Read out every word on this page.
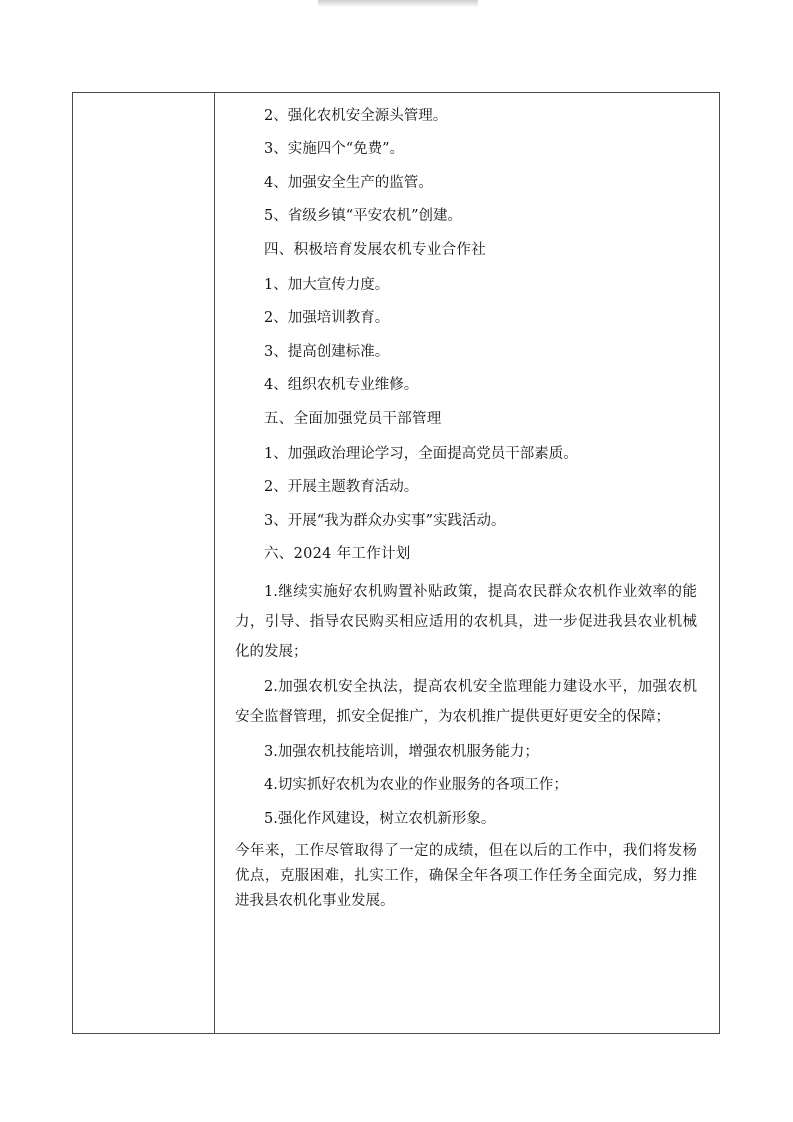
2、强化农机安全源头管理。

3、实施四个“免费”。

4、加强安全生产的监管。

5、省级乡镇“平安农机”创建。

四、积极培育发展农机专业合作社

1、加大宣传力度。

2、加强培训教育。

3、提高创建标准。

4、组织农机专业维修。

五、全面加强党员干部管理

1、加强政治理论学习，全面提高党员干部素质。

2、开展主题教育活动。

3、开展“我为群众办实事”实践活动。

六、2024 年工作计划

1.继续实施好农机购置补贴政策，提高农民群众农机作业效率的能力，引导、指导农民购买相应适用的农机具，进一步促进我县农业机械化的发展；

2.加强农机安全执法，提高农机安全监理能力建设水平，加强农机安全监督管理，抓安全促推广，为农机推广提供更好更安全的保障；

3.加强农机技能培训，增强农机服务能力；

4.切实抓好农机为农业的作业服务的各项工作；

5.强化作风建设，树立农机新形象。

今年来，工作尽管取得了一定的成绩，但在以后的工作中，我们将发杨优点，克服困难，扎实工作，确保全年各项工作任务全面完成，努力推进我县农机化事业发展。
